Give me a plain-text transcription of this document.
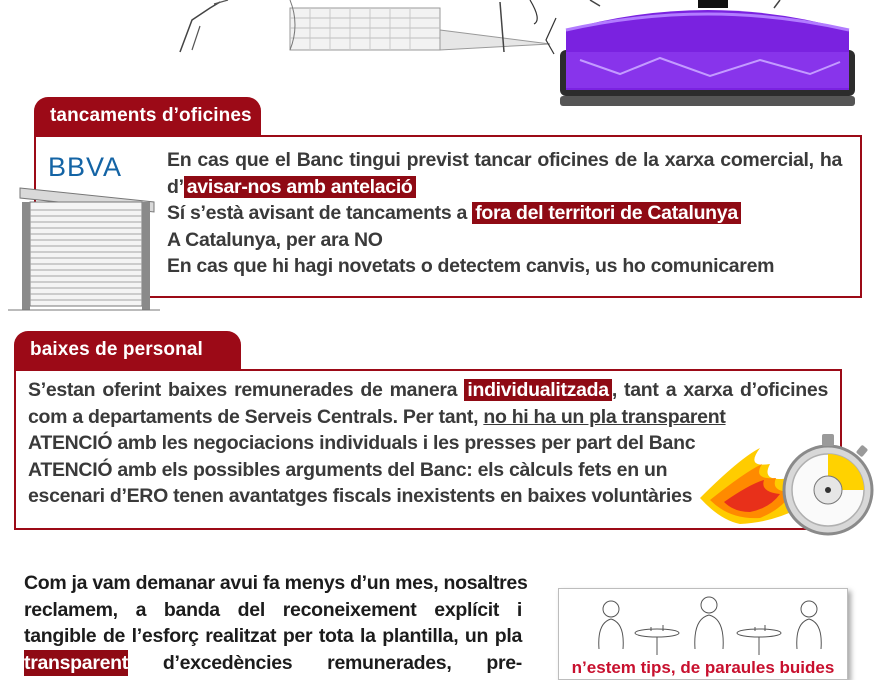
tancaments d’oficines
BBVA En cas que el Banc tingui previst tancar oficines de la xarxa comercial, ha
d’ avisar-nos amb antelació
Sí s’està avisant de tancaments a fora del territori de Catalunya
A Catalunya, per ara NO
En cas que hi hagi novetats o detectem canvis, us ho comunicarem
baixes de personal
S’estan oferint baixes remunerades de manera individualitzada , tant a xarxa d’oficines
com a departaments de Serveis Centrals. Per tant, no hi ha un pla transparent
ATENCIÓ amb les negociacions individuals i les presses per part del Banc
ATENCIÓ amb els possibles arguments del Banc: els càlculs fets en un
escenari d’ERO tenen avantatges fiscals inexistents en baixes voluntàries
Com ja vam demanar avui fa menys d’un mes, nosaltres
reclamem, a banda del reconeixement explícit i
tangible de l’esforç realitzat per tota la plantilla, un pla
transparent d’excedències remunerades, pre-	n’estem tips, de paraules buides
